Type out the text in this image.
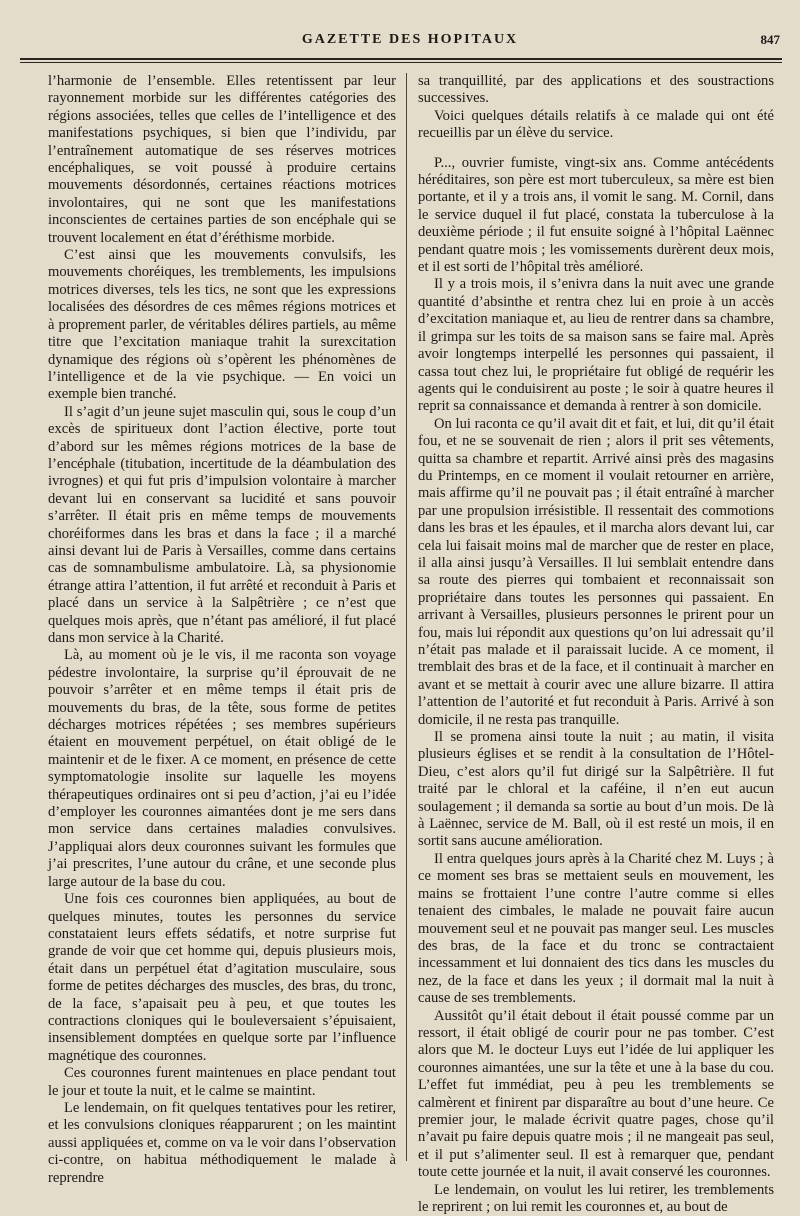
GAZETTE DES HOPITAUX	847

l’harmonie de l’ensemble. Elles retentissent par leur rayonnement morbide sur les différentes catégories des régions associées, telles que celles de l’intelligence et des manifestations psychiques, si bien que l’individu, par l’entraînement automatique de ses réserves motrices encéphaliques, se voit poussé à produire certains mouvements désordonnés, certaines réactions motrices involontaires, qui ne sont que les manifestations inconscientes de certaines parties de son encéphale qui se trouvent localement en état d’éréthisme morbide.

C’est ainsi que les mouvements convulsifs, les mouvements choréiques, les tremblements, les impulsions motrices diverses, tels les tics, ne sont que les expressions localisées des désordres de ces mêmes régions motrices et à proprement parler, de véritables délires partiels, au même titre que l’excitation maniaque trahit la surexcitation dynamique des régions où s’opèrent les phénomènes de l’intelligence et de la vie psychique. — En voici un exemple bien tranché.

Il s’agit d’un jeune sujet masculin qui, sous le coup d’un excès de spiritueux dont l’action élective, porte tout d’abord sur les mêmes régions motrices de la base de l’encéphale (titubation, incertitude de la déambulation des ivrognes) et qui fut pris d’impulsion volontaire à marcher devant lui en conservant sa lucidité et sans pouvoir s’arrêter. Il était pris en même temps de mouvements choréiformes dans les bras et dans la face ; il a marché ainsi devant lui de Paris à Versailles, comme dans certains cas de somnambulisme ambulatoire. Là, sa physionomie étrange attira l’attention, il fut arrêté et reconduit à Paris et placé dans un service à la Salpêtrière ; ce n’est que quelques mois après, que n’étant pas amélioré, il fut placé dans mon service à la Charité.

Là, au moment où je le vis, il me raconta son voyage pédestre involontaire, la surprise qu’il éprouvait de ne pouvoir s’arrêter et en même temps il était pris de mouvements du bras, de la tête, sous forme de petites décharges motrices répétées ; ses membres supérieurs étaient en mouvement perpétuel, on était obligé de le maintenir et de le fixer. A ce moment, en présence de cette symptomatologie insolite sur laquelle les moyens thérapeutiques ordinaires ont si peu d’action, j’ai eu l’idée d’employer les couronnes aimantées dont je me sers dans mon service dans certaines maladies convulsives. J’appliquai alors deux couronnes suivant les formules que j’ai prescrites, l’une autour du crâne, et une seconde plus large autour de la base du cou.

Une fois ces couronnes bien appliquées, au bout de quelques minutes, toutes les personnes du service constataient leurs effets sédatifs, et notre surprise fut grande de voir que cet homme qui, depuis plusieurs mois, était dans un perpétuel état d’agitation musculaire, sous forme de petites décharges des muscles, des bras, du tronc, de la face, s’apaisait peu à peu, et que toutes les contractions cloniques qui le bouleversaient s’épuisaient, insensiblement domptées en quelque sorte par l’influence magnétique des couronnes.

Ces couronnes furent maintenues en place pendant tout le jour et toute la nuit, et le calme se maintint.

Le lendemain, on fit quelques tentatives pour les retirer, et les convulsions cloniques réapparurent ; on les maintint aussi appliquées et, comme on va le voir dans l’observation ci-contre, on habitua méthodiquement le malade à reprendre

sa tranquillité, par des applications et des soustractions successives.

Voici quelques détails relatifs à ce malade qui ont été recueillis par un élève du service.

P..., ouvrier fumiste, vingt-six ans. Comme antécédents héréditaires, son père est mort tuberculeux, sa mère est bien portante, et il y a trois ans, il vomit le sang. M. Cornil, dans le service duquel il fut placé, constata la tuberculose à la deuxième période ; il fut ensuite soigné à l’hôpital Laënnec pendant quatre mois ; les vomissements durèrent deux mois, et il est sorti de l’hôpital très amélioré.

Il y a trois mois, il s’enivra dans la nuit avec une grande quantité d’absinthe et rentra chez lui en proie à un accès d’excitation maniaque et, au lieu de rentrer dans sa chambre, il grimpa sur les toits de sa maison sans se faire mal. Après avoir longtemps interpellé les personnes qui passaient, il cassa tout chez lui, le propriétaire fut obligé de requérir les agents qui le conduisirent au poste ; le soir à quatre heures il reprit sa connaissance et demanda à rentrer à son domicile.

On lui raconta ce qu’il avait dit et fait, et lui, dit qu’il était fou, et ne se souvenait de rien ; alors il prit ses vêtements, quitta sa chambre et repartit. Arrivé ainsi près des magasins du Printemps, en ce moment il voulait retourner en arrière, mais affirme qu’il ne pouvait pas ; il était entraîné à marcher par une propulsion irrésistible. Il ressentait des commotions dans les bras et les épaules, et il marcha alors devant lui, car cela lui faisait moins mal de marcher que de rester en place, il alla ainsi jusqu’à Versailles. Il lui semblait entendre dans sa route des pierres qui tombaient et reconnaissait son propriétaire dans toutes les personnes qui passaient. En arrivant à Versailles, plusieurs personnes le prirent pour un fou, mais lui répondit aux questions qu’on lui adressait qu’il n’était pas malade et il paraissait lucide. A ce moment, il tremblait des bras et de la face, et il continuait à marcher en avant et se mettait à courir avec une allure bizarre. Il attira l’attention de l’autorité et fut reconduit à Paris. Arrivé à son domicile, il ne resta pas tranquille.

Il se promena ainsi toute la nuit ; au matin, il visita plusieurs églises et se rendit à la consultation de l’Hôtel-Dieu, c’est alors qu’il fut dirigé sur la Salpêtrière. Il fut traité par le chloral et la caféine, il n’en eut aucun soulagement ; il demanda sa sortie au bout d’un mois. De là à Laënnec, service de M. Ball, où il est resté un mois, il en sortit sans aucune amélioration.

Il entra quelques jours après à la Charité chez M. Luys ; à ce moment ses bras se mettaient seuls en mouvement, les mains se frottaient l’une contre l’autre comme si elles tenaient des cimbales, le malade ne pouvait faire aucun mouvement seul et ne pouvait pas manger seul. Les muscles des bras, de la face et du tronc se contractaient incessamment et lui donnaient des tics dans les muscles du nez, de la face et dans les yeux ; il dormait mal la nuit à cause de ses tremblements.

Aussitôt qu’il était debout il était poussé comme par un ressort, il était obligé de courir pour ne pas tomber. C’est alors que M. le docteur Luys eut l’idée de lui appliquer les couronnes aimantées, une sur la tête et une à la base du cou. L’effet fut immédiat, peu à peu les tremblements se calmèrent et finirent par disparaître au bout d’une heure. Ce premier jour, le malade écrivit quatre pages, chose qu’il n’avait pu faire depuis quatre mois ; il ne mangeait pas seul, et il put s’alimenter seul. Il est à remarquer que, pendant toute cette journée et la nuit, il avait conservé les couronnes.

Le lendemain, on voulut les lui retirer, les tremblements le reprirent ; on lui remit les couronnes et, au bout de
